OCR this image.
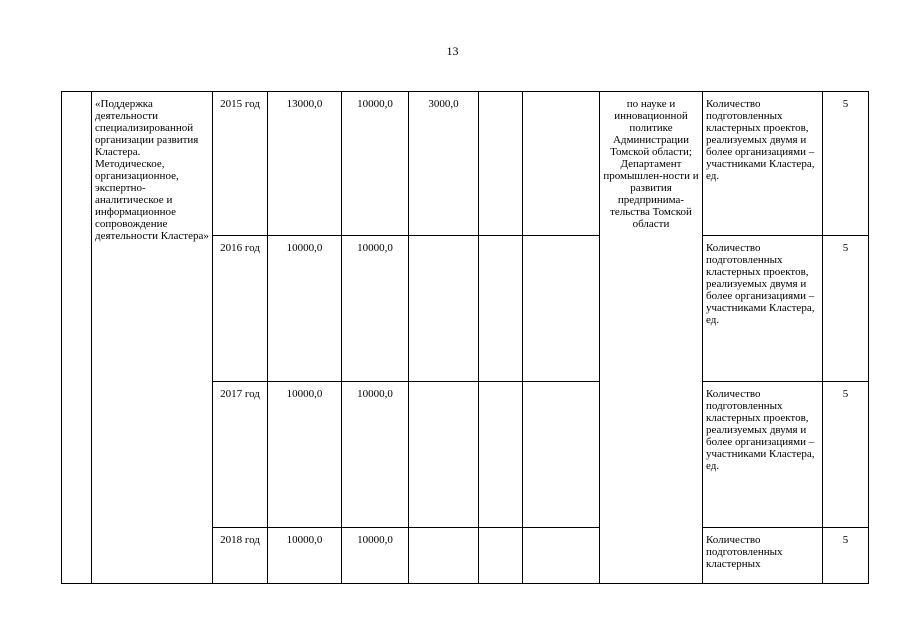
13
	«Поддержка деятельности специализированной организации развития Кластера. Методическое, организационное, экспертно-аналитическое и информационное сопровождение деятельности Кластера»	2015 год	13000,0	10000,0	3000,0			по науке и инновационной политике Администрации Томской области; Департамент промышлен-ности и развития предпринима-тельства Томской области	Количество подготовленных кластерных проектов, реализуемых двумя и более организациями – участниками Кластера, ед.	5
		2016 год	10000,0	10000,0					Количество подготовленных кластерных проектов, реализуемых двумя и более организациями – участниками Кластера, ед.	5
		2017 год	10000,0	10000,0					Количество подготовленных кластерных проектов, реализуемых двумя и более организациями – участниками Кластера, ед.	5
		2018 год	10000,0	10000,0					Количество подготовленных кластерных	5
